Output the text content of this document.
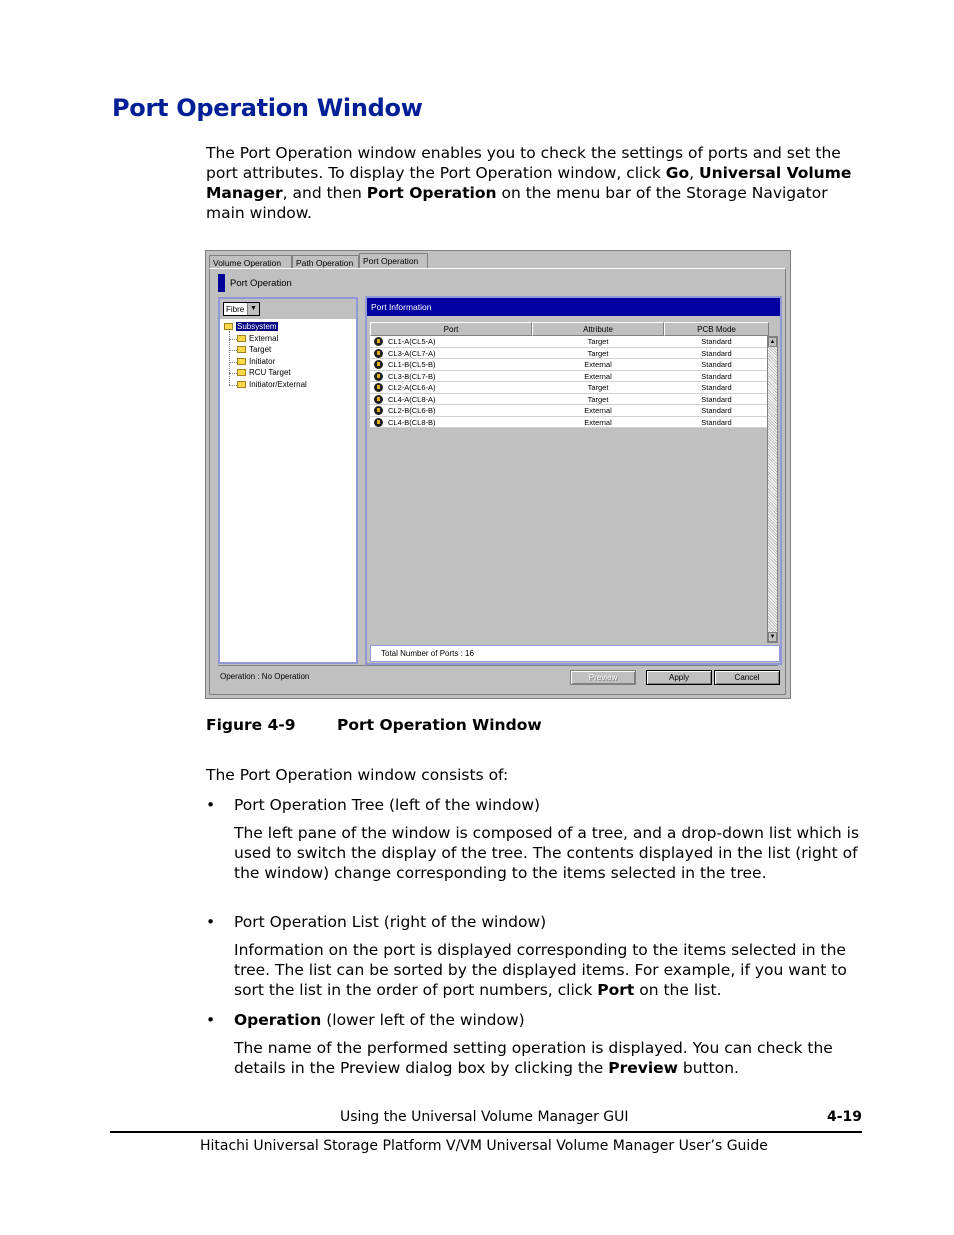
Port Operation Window
The Port Operation window enables you to check the settings of ports and set the port attributes. To display the Port Operation window, click Go, Universal Volume Manager, and then Port Operation on the menu bar of the Storage Navigator main window.
Volume Operation	Path Operation	Port Operation
Port Operation
Fibre ▼
Subsystem
External
Target
Initiator
RCU Target
Initiator/External
Port Information
Port	Attribute	PCB Mode
CL1-A(CL5-A)	Target	Standard
CL3-A(CL7-A)	Target	Standard
CL1-B(CL5-B)	External	Standard
CL3-B(CL7-B)	External	Standard
CL2-A(CL6-A)	Target	Standard
CL4-A(CL8-A)	Target	Standard
CL2-B(CL6-B)	External	Standard
CL4-B(CL8-B)	External	Standard
▲
▼
Total Number of Ports : 16
Operation : No Operation	Preview	Apply	Cancel
Figure 4-9	Port Operation Window
The Port Operation window consists of:
• Port Operation Tree (left of the window)
The left pane of the window is composed of a tree, and a drop-down list which is used to switch the display of the tree. The contents displayed in the list (right of the window) change corresponding to the items selected in the tree.
• Port Operation List (right of the window)
Information on the port is displayed corresponding to the items selected in the tree. The list can be sorted by the displayed items. For example, if you want to sort the list in the order of port numbers, click Port on the list.
• Operation (lower left of the window)
The name of the performed setting operation is displayed. You can check the details in the Preview dialog box by clicking the Preview button.
Using the Universal Volume Manager GUI	4-19
Hitachi Universal Storage Platform V/VM Universal Volume Manager User’s Guide
